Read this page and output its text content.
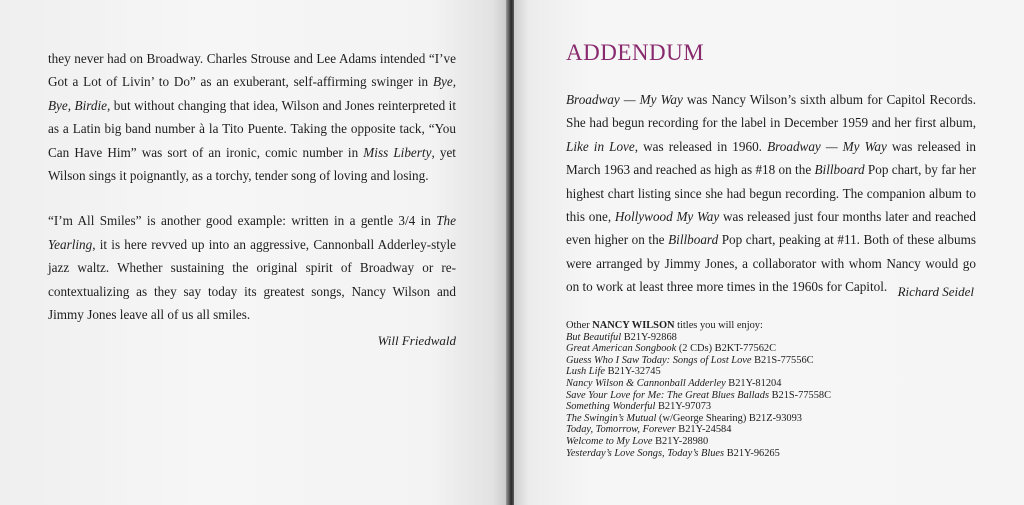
they never had on Broadway. Charles Strouse and Lee Adams intended “I’ve Got a Lot of Livin’ to Do” as an exuberant, self-affirming swinger in Bye, Bye, Birdie, but without changing that idea, Wilson and Jones reinterpreted it as a Latin big band number à la Tito Puente. Taking the opposite tack, “You Can Have Him” was sort of an ironic, comic number in Miss Liberty, yet Wilson sings it poignantly, as a torchy, tender song of loving and losing.

“I’m All Smiles” is another good example: written in a gentle 3/4 in The Yearling, it is here revved up into an aggressive, Cannonball Adderley-style jazz waltz. Whether sustaining the original spirit of Broadway or re-contextualizing as they say today its greatest songs, Nancy Wilson and Jimmy Jones leave all of us all smiles.

Will Friedwald
ADDENDUM

Broadway — My Way was Nancy Wilson’s sixth album for Capitol Records. She had begun recording for the label in December 1959 and her first album, Like in Love, was released in 1960. Broadway — My Way was released in March 1963 and reached as high as #18 on the Billboard Pop chart, by far her highest chart listing since she had begun recording. The companion album to this one, Hollywood My Way was released just four months later and reached even higher on the Billboard Pop chart, peaking at #11. Both of these albums were arranged by Jimmy Jones, a collaborator with whom Nancy would go on to work at least three more times in the 1960s for Capitol. Richard Seidel

Other NANCY WILSON titles you will enjoy:

But Beautiful B21Y-92868
Great American Songbook (2 CDs) B2KT-77562C
Guess Who I Saw Today: Songs of Lost Love B21S-77556C
Lush Life B21Y-32745
Nancy Wilson & Cannonball Adderley B21Y-81204
Save Your Love for Me: The Great Blues Ballads B21S-77558C
Something Wonderful B21Y-97073
The Swingin’s Mutual (w/George Shearing) B21Z-93093
Today, Tomorrow, Forever B21Y-24584
Welcome to My Love B21Y-28980
Yesterday’s Love Songs, Today’s Blues B21Y-96265
